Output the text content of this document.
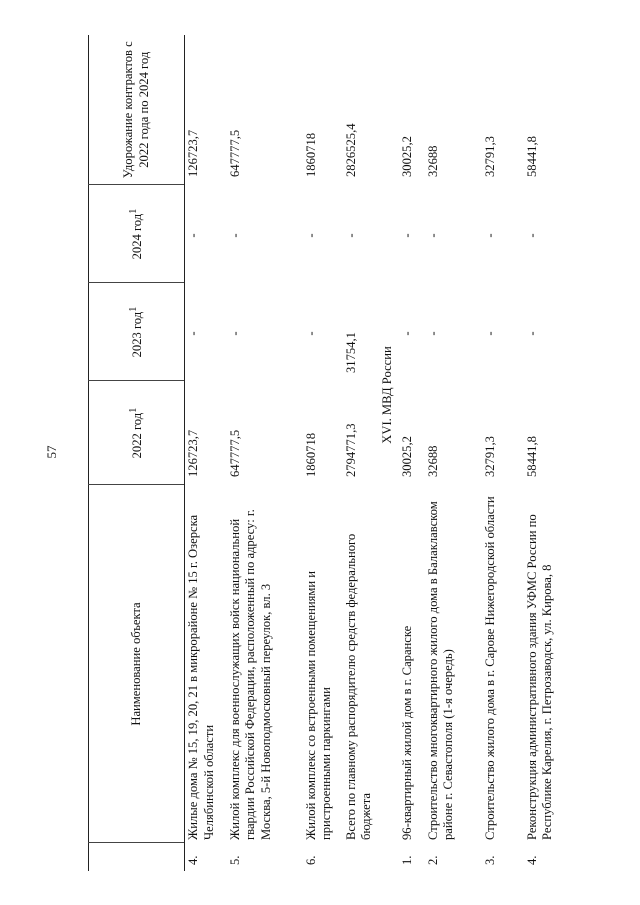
57
	Наименование объекта	2022 год$^1$	2023 год$^1$	2024 год$^1$	Удорожание контрактов с 2022 года по 2024 год
4.	Жилые дома № 15, 19, 20, 21 в микрорайоне № 15 г. Озерска Челябинской области	126723,7	-	-	126723,7
5.	Жилой комплекс для военнослужащих войск национальной гвардии Российской Федерации, расположенный по адресу: г. Москва, 5-й Новоподмосковный переулок, вл. 3	647777,5	-	-	647777,5
6.	Жилой комплекс со встроенными помещениями и пристроенными паркингами	1860718	-	-	1860718
	Всего по главному распорядителю средств федерального бюджета	2794771,3	31754,1	-	2826525,4
XVI. МВД России					
1.	96-квартирный жилой дом в г. Саранске	30025,2	-	-	30025,2
2.	Строительство многоквартирного жилого дома в Балаклавском районе г. Севастополя (1-я очередь)	32688	-	-	32688
3.	Строительство жилого дома в г. Сарове Нижегородской области	32791,3	-	-	32791,3
4.	Реконструкция административного здания УФМС России по Республике Карелия, г. Петрозаводск, ул. Кирова, 8	58441,8	-	-	58441,8
